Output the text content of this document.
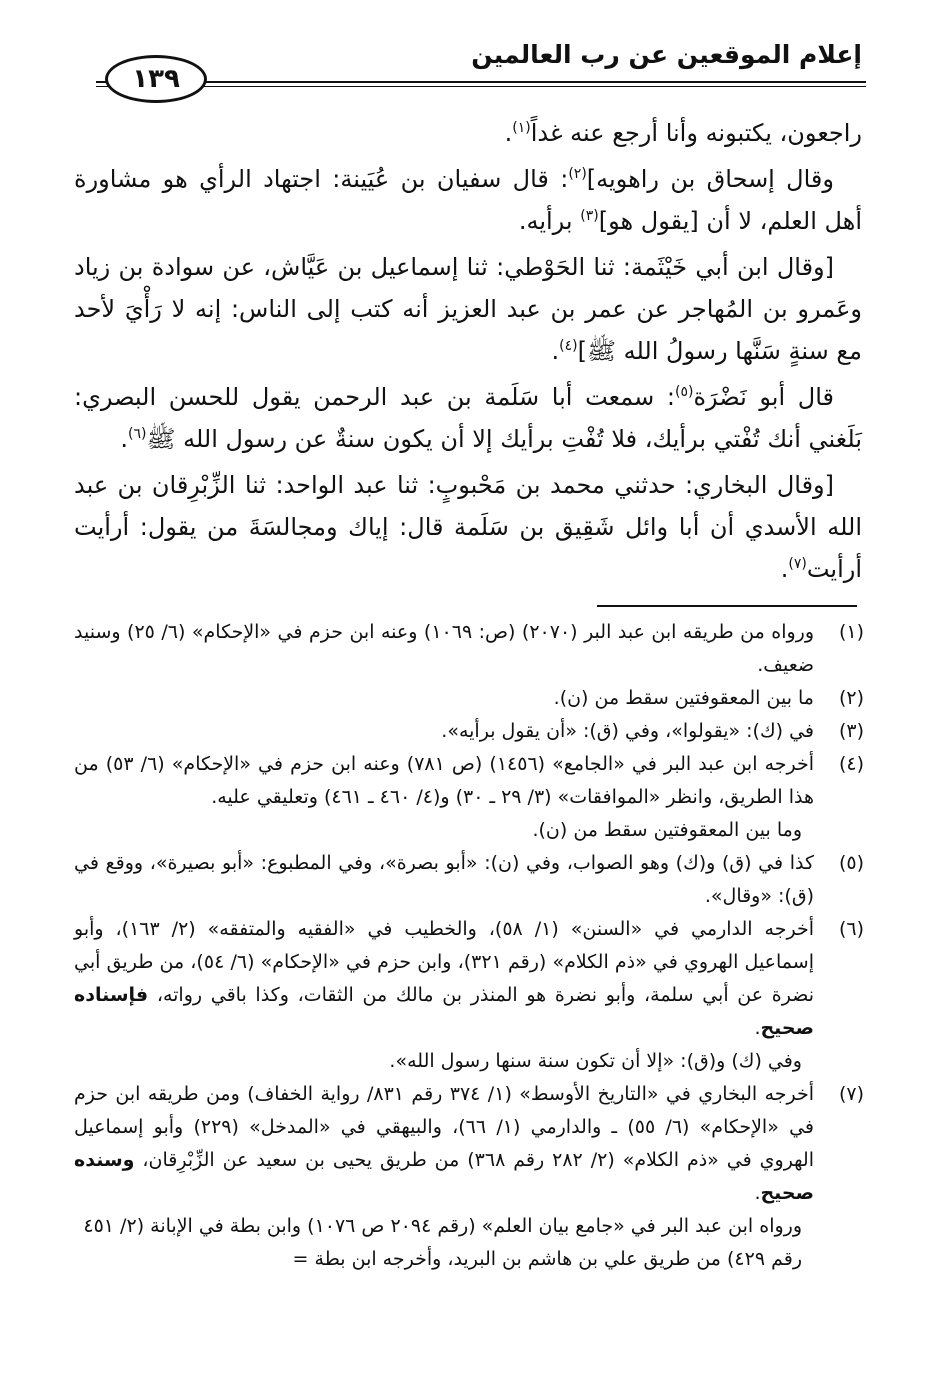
إعلام الموقعين عن رب العالمين
١٣٩

راجعون، يكتبونه وأنا أرجع عنه غداً$^{(١)}$.

وقال إسحاق بن راهويه]$^{(٢)}$: قال سفيان بن عُيَينة: اجتهاد الرأي هو مشاورة أهل العلم، لا أن [يقول هو]$^{(٣)}$ برأيه.

[وقال ابن أبي خَيْثَمة: ثنا الحَوْطي: ثنا إسماعيل بن عَيَّاش، عن سوادة بن زياد وعَمرو بن المُهاجر عن عمر بن عبد العزيز أنه كتب إلى الناس: إنه لا رَأْيَ لأحد مع سنةٍ سَنَّها رسولُ الله ﷺ]$^{(٤)}$.

قال أبو نَضْرَة$^{(٥)}$: سمعت أبا سَلَمة بن عبد الرحمن يقول للحسن البصري: بَلَغني أنك تُفْتي برأيك، فلا تُفْتِ برأيك إلا أن يكون سنةٌ عن رسول الله ﷺ$^{(٦)}$.

[وقال البخاري: حدثني محمد بن مَحْبوبٍ: ثنا عبد الواحد: ثنا الزِّبْرِقان بن عبد الله الأسدي أن أبا وائل شَقِيق بن سَلَمة قال: إياك ومجالسَةَ من يقول: أرأيت أرأيت$^{(٧)}$.

(١)
ورواه من طريقه ابن عبد البر (٢٠٧٠) (ص: ١٠٦٩) وعنه ابن حزم في «الإحكام» (٦/ ٢٥) وسنيد ضعيف.
(٢)
ما بين المعقوفتين سقط من (ن).
(٣)
في (ك): «يقولوا»، وفي (ق): «أن يقول برأيه».
(٤)
أخرجه ابن عبد البر في «الجامع» (١٤٥٦) (ص ٧٨١) وعنه ابن حزم في «الإحكام» (٦/ ٥٣) من هذا الطريق، وانظر «الموافقات» (٣/ ٢٩ ـ ٣٠) و(٤/ ٤٦٠ ـ ٤٦١) وتعليقي عليه.
وما بين المعقوفتين سقط من (ن).
(٥)
كذا في (ق) و(ك) وهو الصواب، وفي (ن): «أبو بصرة»، وفي المطبوع: «أبو بصيرة»، ووقع في (ق): «وقال».
(٦)
أخرجه الدارمي في «السنن» (١/ ٥٨)، والخطيب في «الفقيه والمتفقه» (٢/ ١٦٣)، وأبو إسماعيل الهروي في «ذم الكلام» (رقم ٣٢١)، وابن حزم في «الإحكام» (٦/ ٥٤)، من طريق أبي نضرة عن أبي سلمة، وأبو نضرة هو المنذر بن مالك من الثقات، وكذا باقي رواته، فإسناده صحيح.
وفي (ك) و(ق): «إلا أن تكون سنة سنها رسول الله».
(٧)
أخرجه البخاري في «التاريخ الأوسط» (١/ ٣٧٤ رقم ٨٣١/ رواية الخفاف) ومن طريقه ابن حزم في «الإحكام» (٦/ ٥٥) ـ والدارمي (١/ ٦٦)، والبيهقي في «المدخل» (٢٢٩) وأبو إسماعيل الهروي في «ذم الكلام» (٢/ ٢٨٢ رقم ٣٦٨) من طريق يحيى بن سعيد عن الزِّبْرِقان، وسنده صحيح.
ورواه ابن عبد البر في «جامع بيان العلم» (رقم ٢٠٩٤ ص ١٠٧٦) وابن بطة في الإبانة (٢/ ٤٥١ رقم ٤٢٩) من طريق علي بن هاشم بن البريد، وأخرجه ابن بطة =
